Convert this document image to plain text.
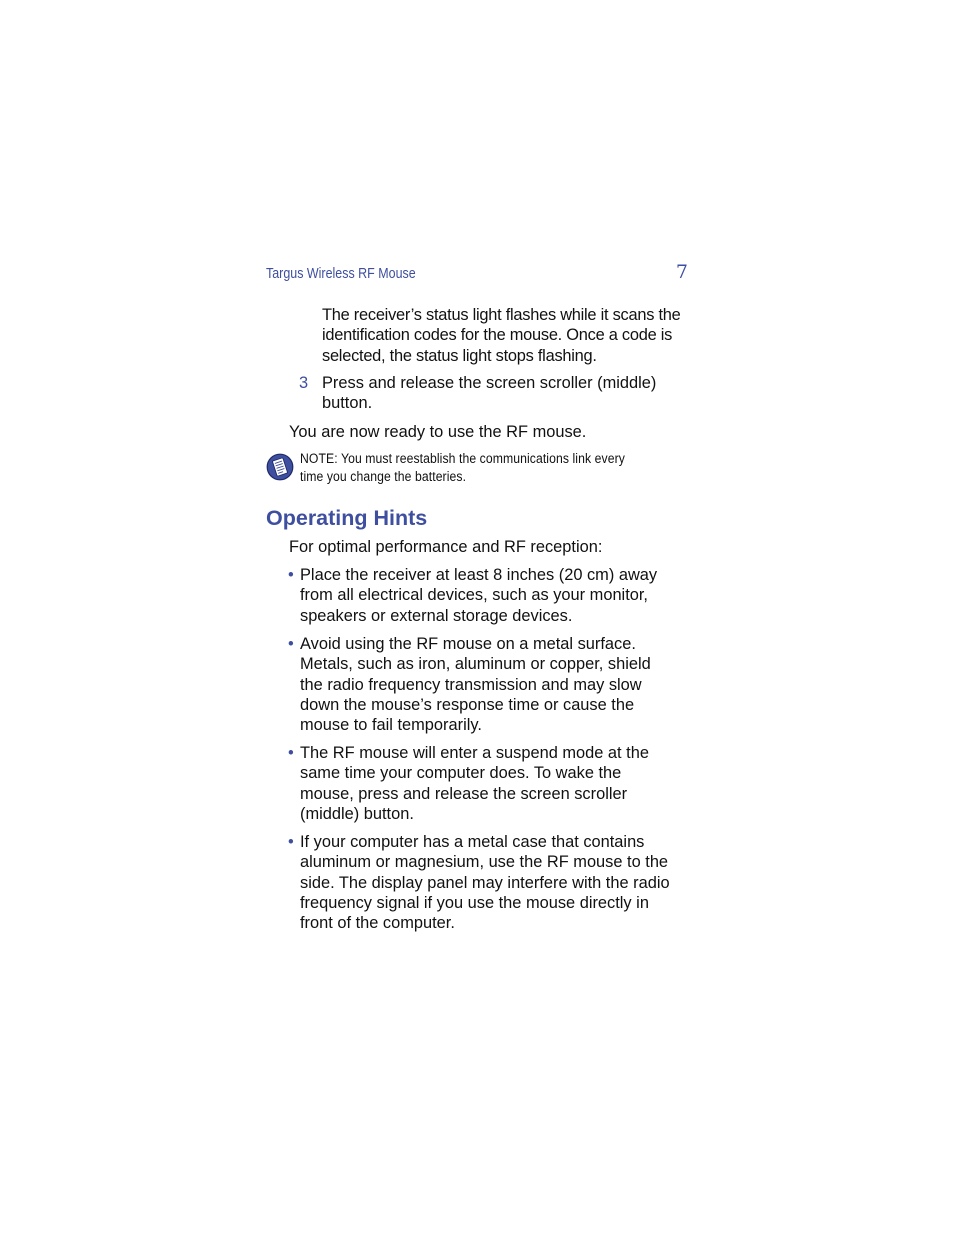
Targus Wireless RF Mouse	7
The receiver’s status light flashes while it scans the
identification codes for the mouse. Once a code is
selected, the status light stops flashing.
3 Press and release the screen scroller (middle)
button.
You are now ready to use the RF mouse.
NOTE: You must reestablish the communications link every
time you change the batteries.
Operating Hints
For optimal performance and RF reception:
• Place the receiver at least 8 inches (20 cm) away
from all electrical devices, such as your monitor,
speakers or external storage devices.
• Avoid using the RF mouse on a metal surface.
Metals, such as iron, aluminum or copper, shield
the radio frequency transmission and may slow
down the mouse’s response time or cause the
mouse to fail temporarily.
• The RF mouse will enter a suspend mode at the
same time your computer does. To wake the
mouse, press and release the screen scroller
(middle) button.
• If your computer has a metal case that contains
aluminum or magnesium, use the RF mouse to the
side. The display panel may interfere with the radio
frequency signal if you use the mouse directly in
front of the computer.
